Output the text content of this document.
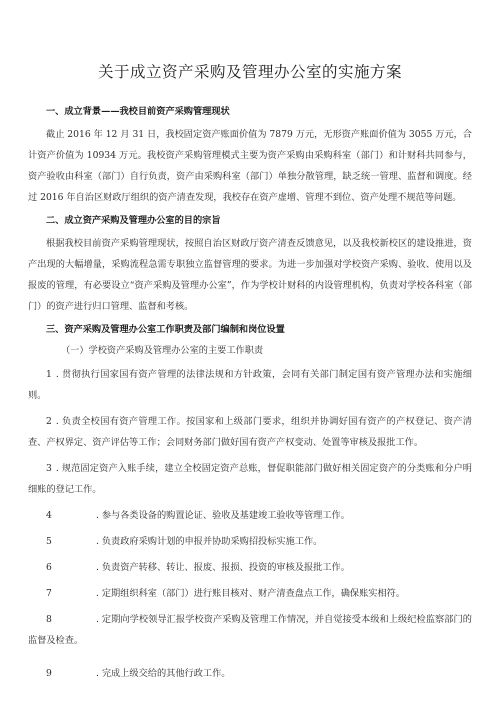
关于成立资产采购及管理办公室的实施方案
一、成立背景——我校目前资产采购管理现状
截止 2016 年 12 月 31 日，我校固定资产账面价值为 7879 万元，无形资产账面价值为 3055 万元，合计资产价值为 10934 万元。我校资产采购管理模式主要为资产采购由采购科室（部门）和计财科共同参与，资产验收由科室（部门）自行负责，资产由采购科室（部门）单独分散管理，缺乏统一管理、监督和调度。经过 2016 年自治区财政厅组织的资产清查发现，我校存在资产虚增、管理不到位、资产处理不规范等问题。
二、成立资产采购及管理办公室的目的宗旨
根据我校目前资产采购管理现状，按照自治区财政厅资产清查反馈意见，以及我校新校区的建设推进，资产出现的大幅增量，采购流程急需专职独立监督管理的要求。为进一步加强对学校资产采购、验收、使用以及报废的管理，有必要设立“资产采购及管理办公室”，作为学校计财科的内设管理机构，负责对学校各科室（部门）的资产进行归口管理、监督和考核。
三、资产采购及管理办公室工作职责及部门编制和岗位设置
（一）学校资产采购及管理办公室的主要工作职责
1 . 贯彻执行国家国有资产管理的法律法规和方针政策，会同有关部门制定国有资产管理办法和实施细则。
2 . 负责全校国有资产管理工作。按国家和上级部门要求，组织并协调好国有资产的产权登记、资产清查、产权界定、资产评估等工作；会同财务部门做好国有资产产权变动、处置等审核及报批工作。
3 . 规范固定资产入账手续，建立全校固定资产总账，督促职能部门做好相关固定资产的分类账和分户明细账的登记工作。
4	. 参与各类设备的购置论证、验收及基建竣工验收等管理工作。
5	. 负责政府采购计划的申报并协助采购招投标实施工作。
6	. 负责资产转移、转让、报废、报损、投资的审核及报批工作。
7	. 定期组织科室（部门）进行账目核对、财产清查盘点工作，确保账实相符。
8	. 定期向学校领导汇报学校资产采购及管理工作情况，并自觉接受本级和上级纪检监察部门的监督及检查。
9	. 完成上级交给的其他行政工作。
